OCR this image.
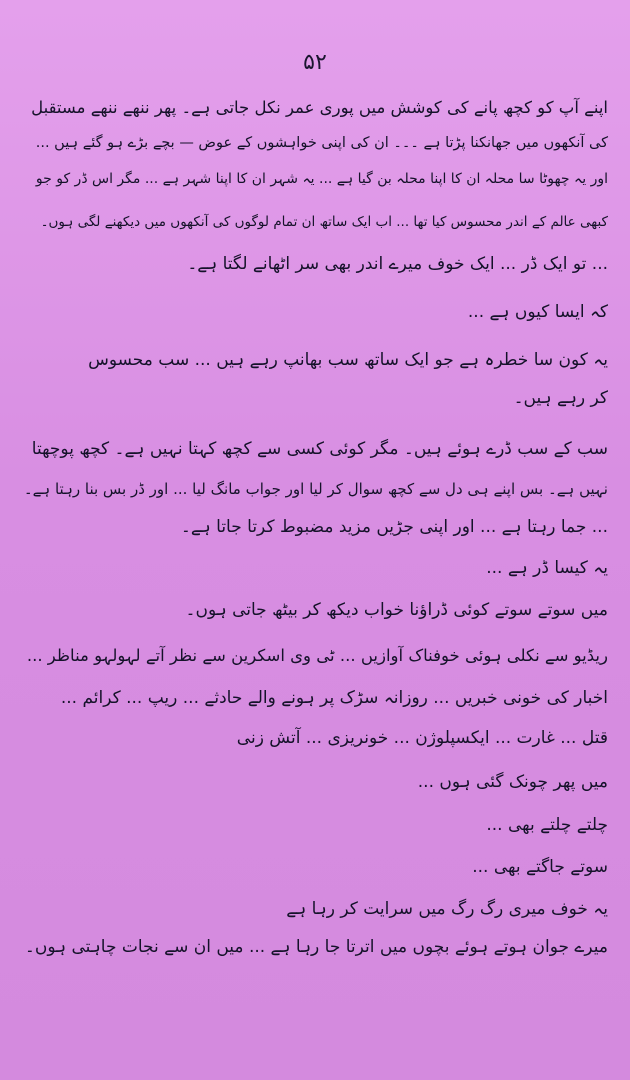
۵۲
اپنے آپ کو کچھ پانے کی کوشش میں پوری عمر نکل جاتی ہے۔ پھر ننھے ننھے مستقبل
کی آنکھوں میں جھانکنا پڑتا ہے ۔۔۔ ان کی اپنی خواہشوں کے عوض — بچے بڑے ہو گئے ہیں ...
اور یہ چھوٹا سا محلہ ان کا اپنا محلہ بن گیا ہے ... یہ شہر ان کا اپنا شہر ہے ... مگر اس ڈر کو جو
کبھی عالم کے اندر محسوس کیا تھا ... اب ایک ساتھ ان تمام لوگوں کی آنکھوں میں دیکھنے لگی ہوں۔
... تو ایک ڈر ... ایک خوف میرے اندر بھی سر اٹھانے لگتا ہے۔
کہ ایسا کیوں ہے ...
یہ کون سا خطرہ ہے جو ایک ساتھ سب بھانپ رہے ہیں ... سب محسوس
کر رہے ہیں۔
سب کے سب ڈرے ہوئے ہیں۔ مگر کوئی کسی سے کچھ کہتا نہیں ہے۔ کچھ پوچھتا
نہیں ہے۔ بس اپنے ہی دل سے کچھ سوال کر لیا اور جواب مانگ لیا ... اور ڈر بس بنا رہتا ہے۔
... جما رہتا ہے ... اور اپنی جڑیں مزید مضبوط کرتا جاتا ہے۔
یہ کیسا ڈر ہے ...
میں سوتے سوتے کوئی ڈراؤنا خواب دیکھ کر بیٹھ جاتی ہوں۔
ریڈیو سے نکلی ہوئی خوفناک آوازیں ... ٹی وی اسکرین سے نظر آتے لہولہو مناظر ...
اخبار کی خونی خبریں ... روزانہ سڑک پر ہونے والے حادثے ... ریپ ... کرائم ...
قتل ... غارت ... ایکسپلوژن ... خونریزی ... آتش زنی
میں پھر چونک گئی ہوں ...
چلتے چلتے بھی ...
سوتے جاگتے بھی ...
یہ خوف میری رگ رگ میں سرایت کر رہا ہے
میرے جوان ہوتے ہوئے بچوں میں اترتا جا رہا ہے ... میں ان سے نجات چاہتی ہوں۔
